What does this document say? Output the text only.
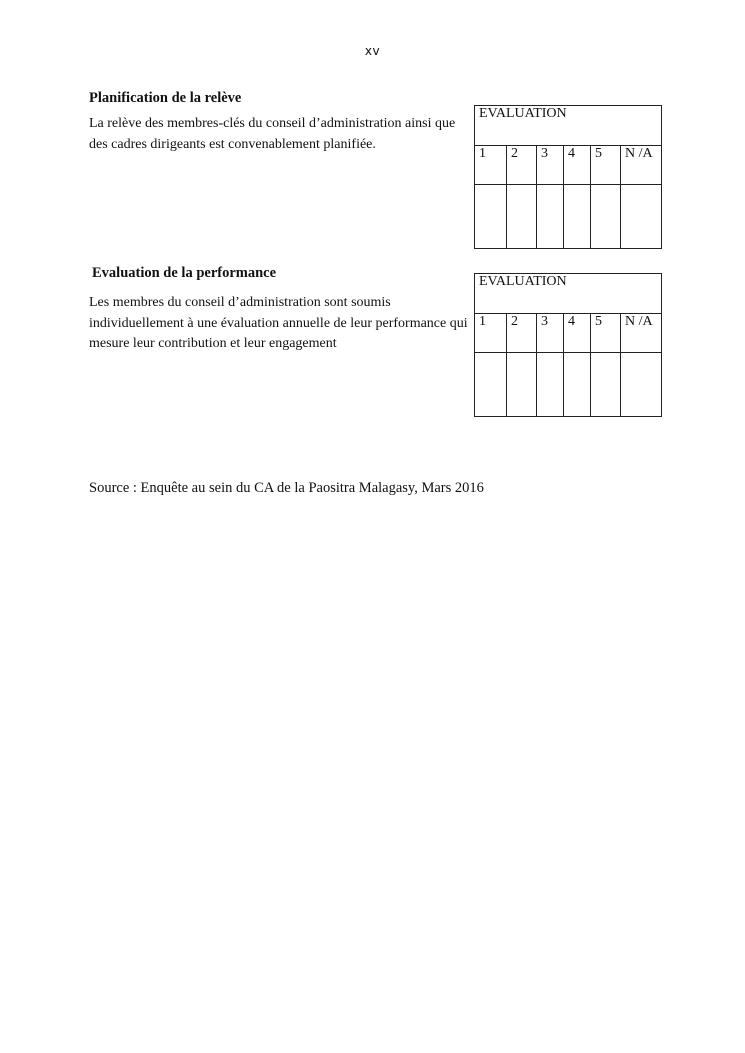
xv

Planification de la relève

La relève des membres-clés du conseil d’administration ainsi que des cadres dirigeants est convenablement planifiée.

EVALUATION					
1	2	3	4	5	N /A

Evaluation de la performance

Les membres du conseil d’administration sont soumis individuellement à une évaluation annuelle de leur performance qui mesure leur contribution et leur engagement

EVALUATION					
1	2	3	4	5	N /A

Source : Enquête au sein du CA de la Paositra Malagasy, Mars 2016
